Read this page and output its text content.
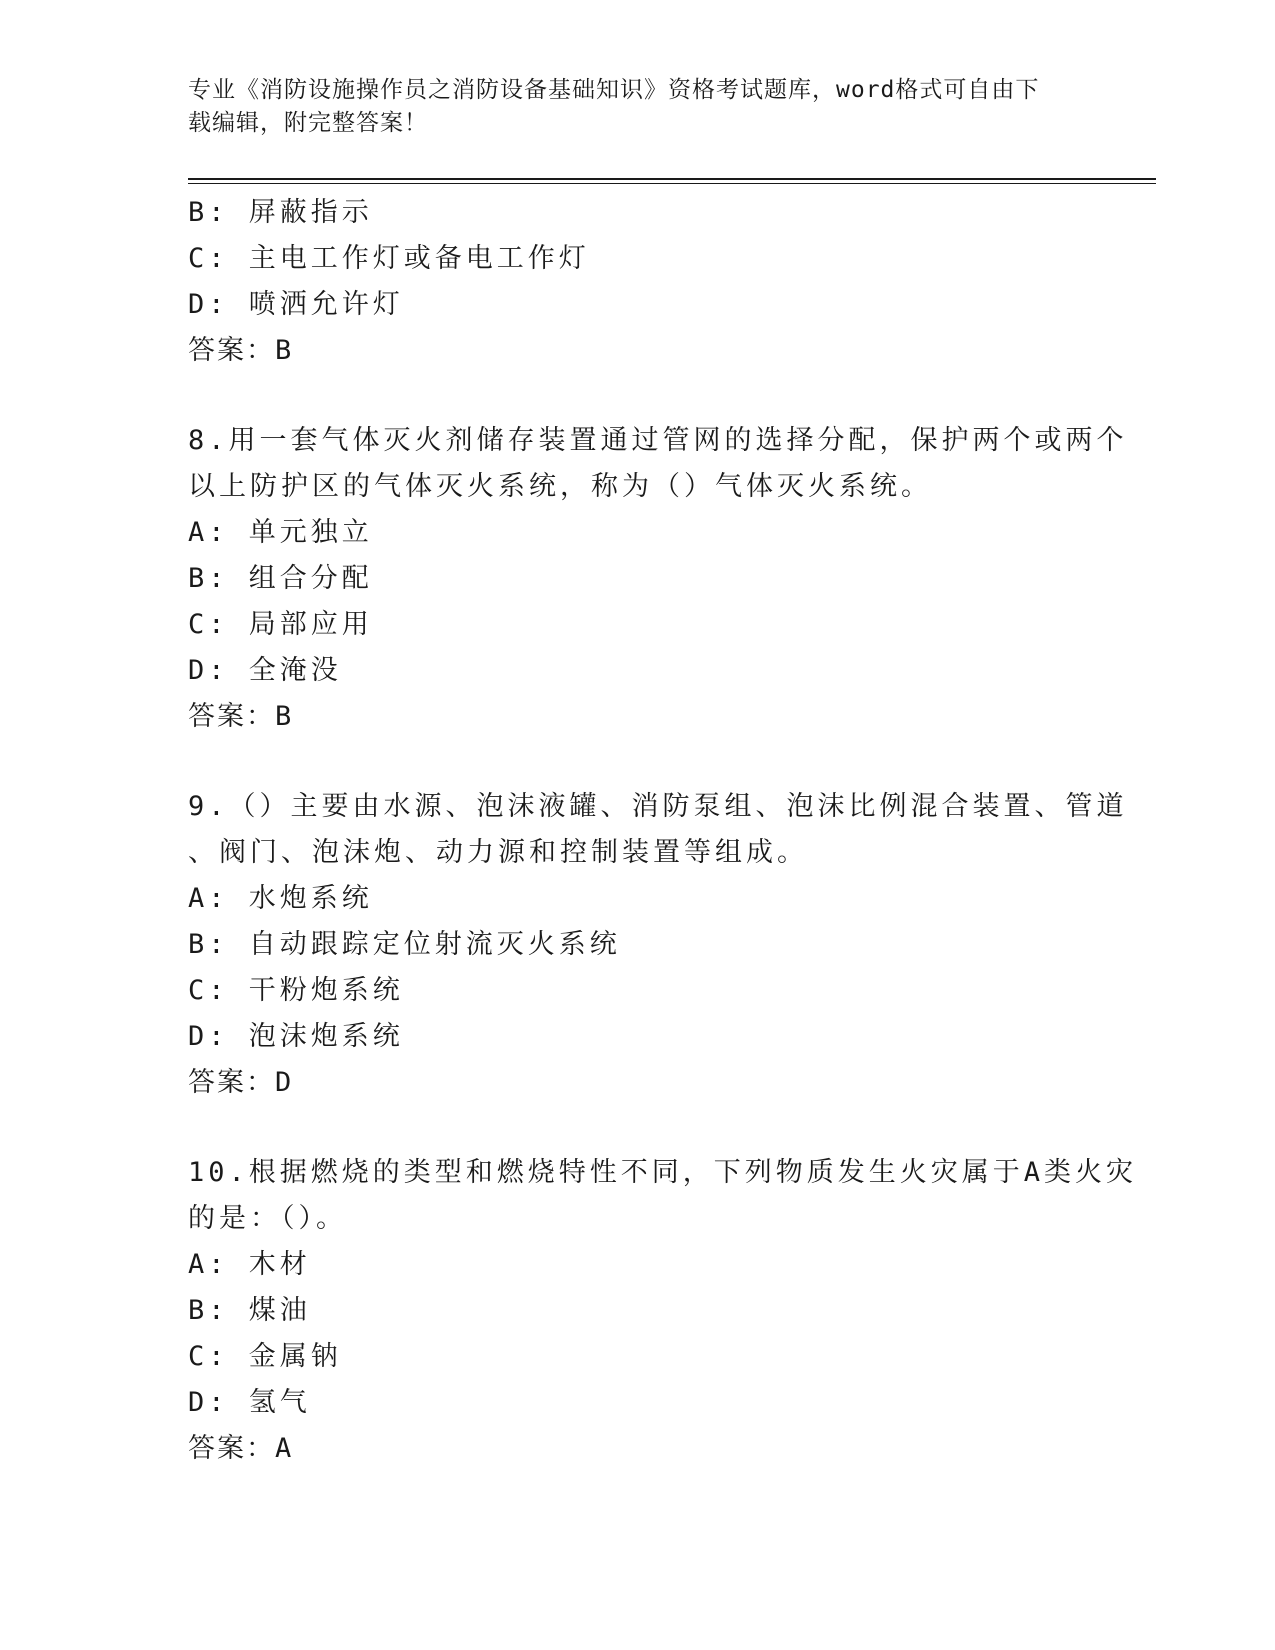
专业《消防设施操作员之消防设备基础知识》资格考试题库，word格式可自由下
载编辑，附完整答案！
B: 屏蔽指示
C: 主电工作灯或备电工作灯
D: 喷洒允许灯
答案：B
8.用一套气体灭火剂储存装置通过管网的选择分配，保护两个或两个
以上防护区的气体灭火系统，称为（）气体灭火系统。
A: 单元独立
B: 组合分配
C: 局部应用
D: 全淹没
答案：B
9.（）主要由水源、泡沫液罐、消防泵组、泡沫比例混合装置、管道
、阀门、泡沫炮、动力源和控制装置等组成。
A: 水炮系统
B: 自动跟踪定位射流灭火系统
C: 干粉炮系统
D: 泡沫炮系统
答案：D
10.根据燃烧的类型和燃烧特性不同，下列物质发生火灾属于A类火灾
的是：（）。
A: 木材
B: 煤油
C: 金属钠
D: 氢气
答案：A
